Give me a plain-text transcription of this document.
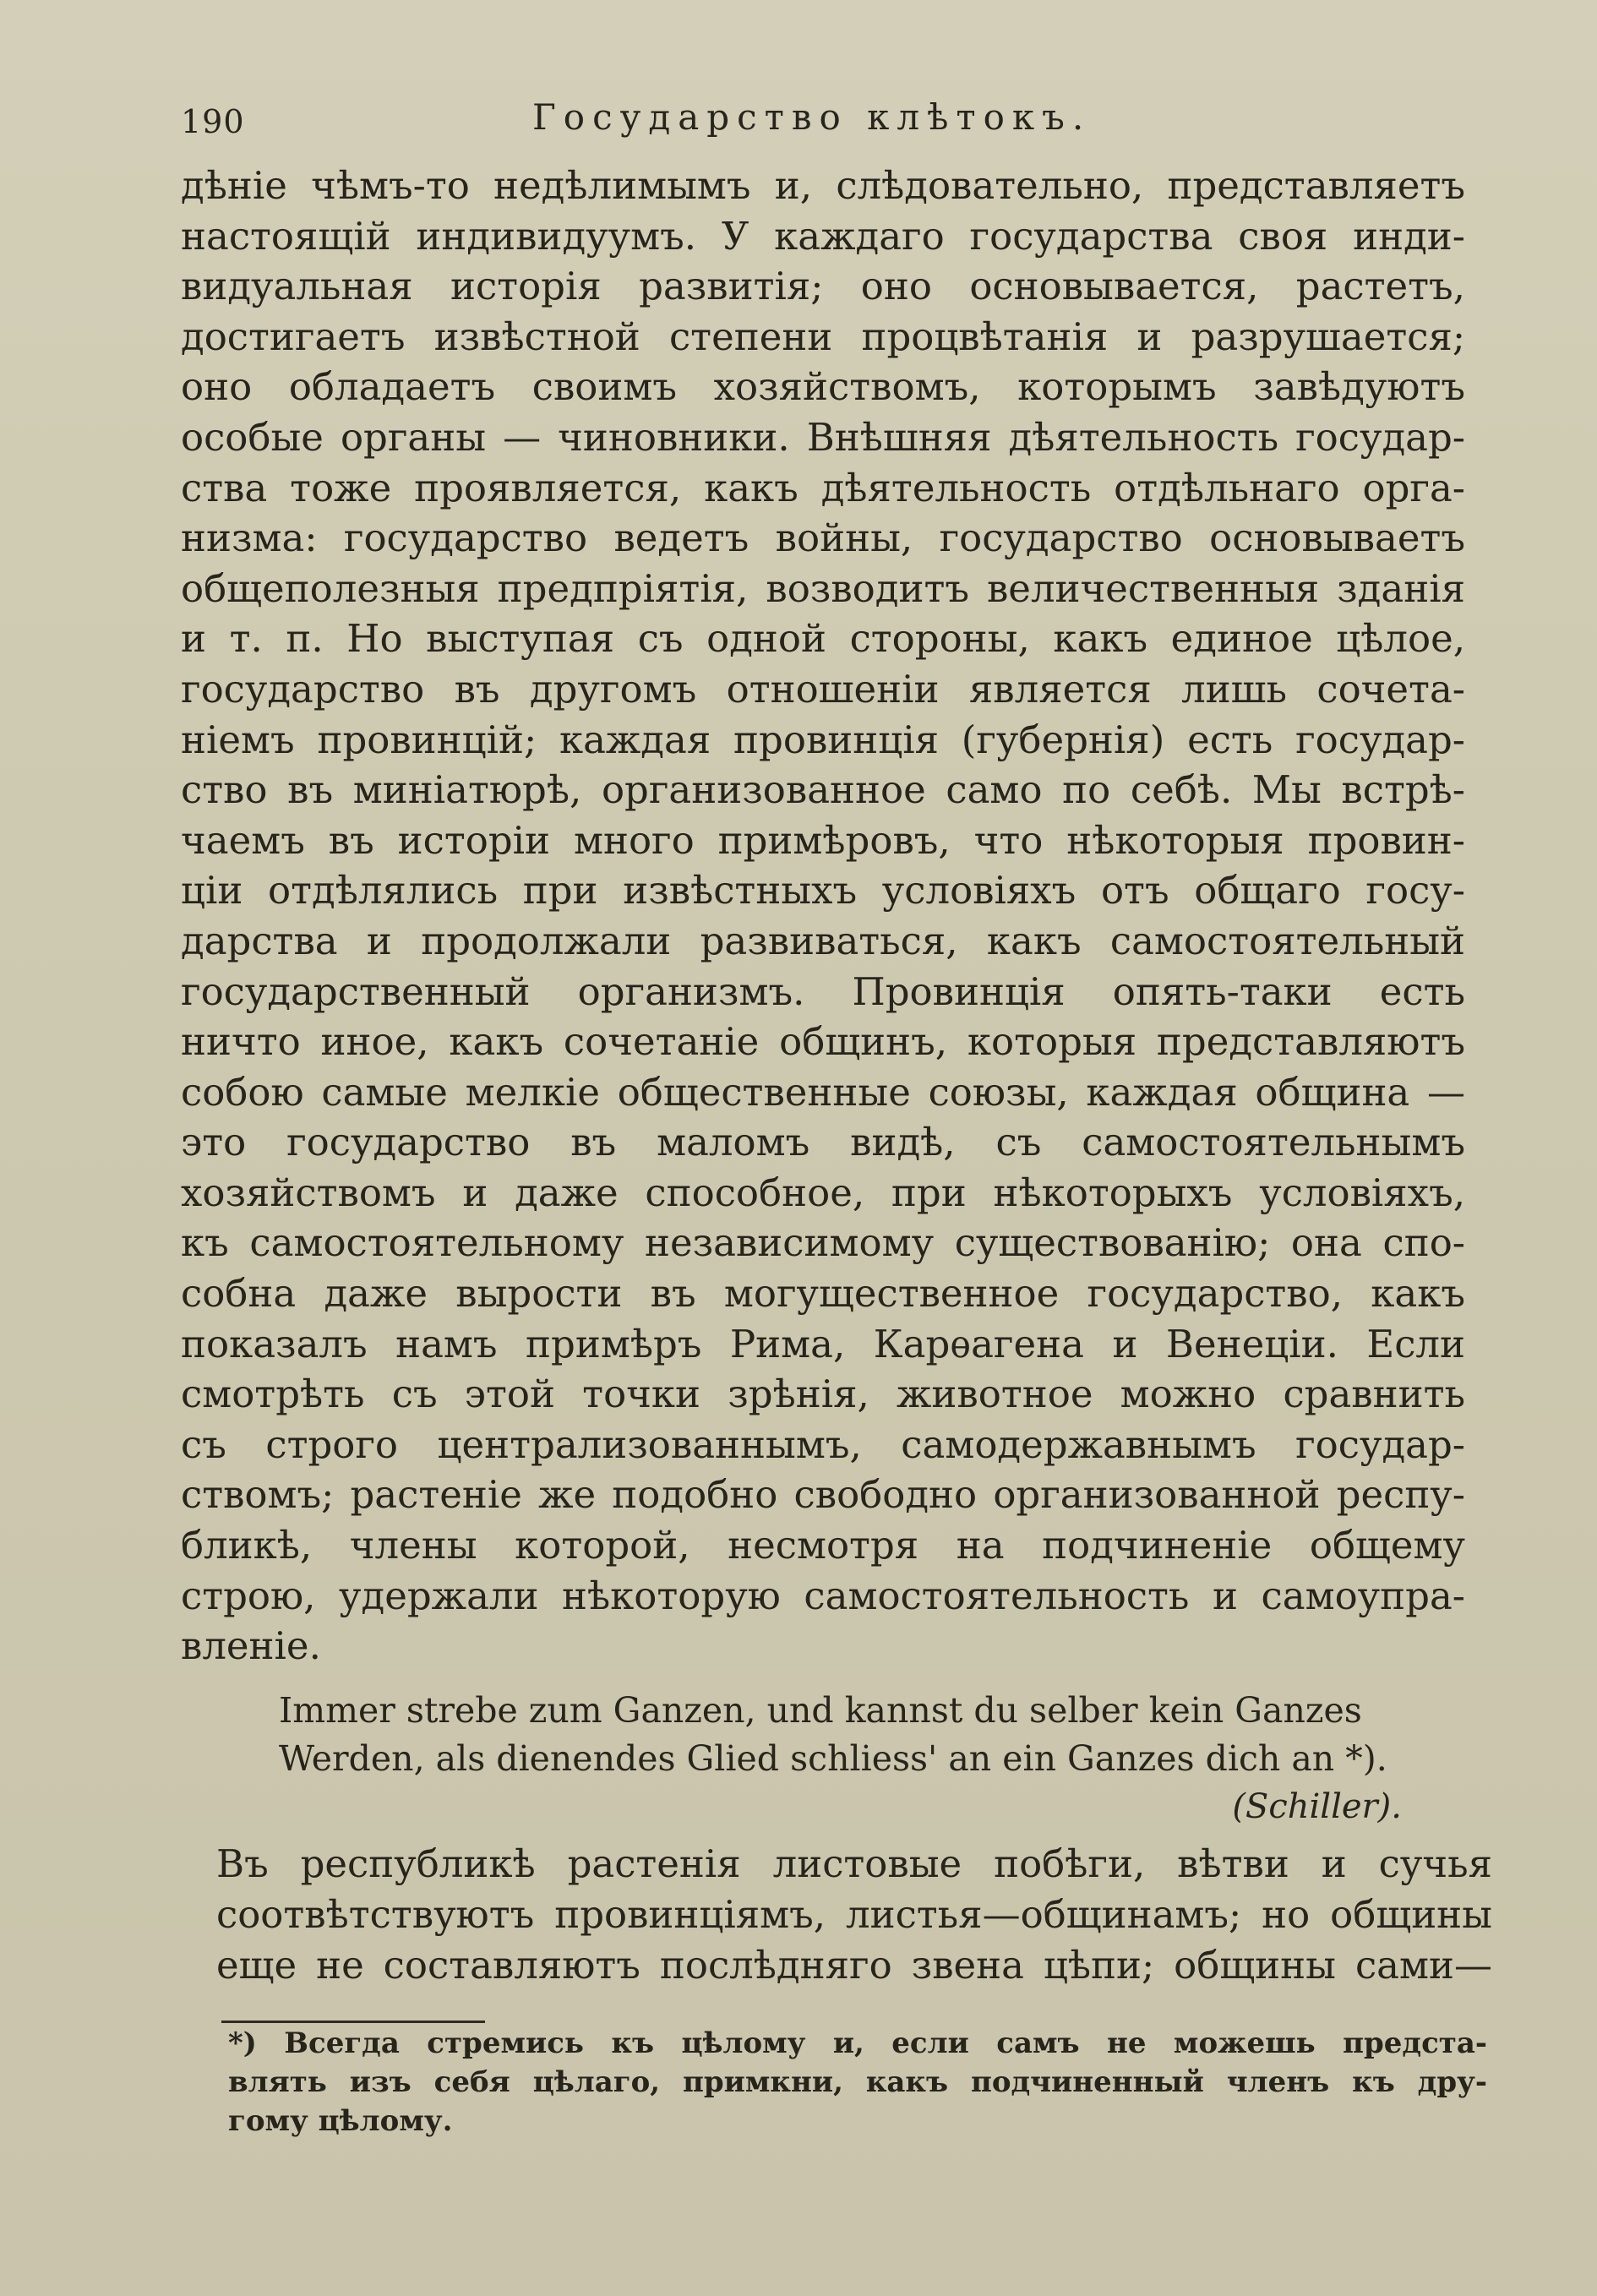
190	Государство клѣтокъ.
дѣніе чѣмъ-то недѣлимымъ и, слѣдовательно, представляетъ
настоящій индивидуумъ. У каждаго государства своя инди-
видуальная исторія развитія; оно основывается, растетъ,
достигаетъ извѣстной степени процвѣтанія и разрушается;
оно обладаетъ своимъ хозяйствомъ, которымъ завѣдуютъ
особые органы — чиновники. Внѣшняя дѣятельность государ-
ства тоже проявляется, какъ дѣятельность отдѣльнаго орга-
низма: государство ведетъ войны, государство основываетъ
общеполезныя предпріятія, возводитъ величественныя зданія
и т. п. Но выступая съ одной стороны, какъ единое цѣлое,
государство въ другомъ отношеніи является лишь сочета-
ніемъ провинцій; каждая провинція (губернія) есть государ-
ство въ миніатюрѣ, организованное само по себѣ. Мы встрѣ-
чаемъ въ исторіи много примѣровъ, что нѣкоторыя провин-
ціи отдѣлялись при извѣстныхъ условіяхъ отъ общаго госу-
дарства и продолжали развиваться, какъ самостоятельный
государственный организмъ. Провинція опять-таки есть
ничто иное, какъ сочетаніе общинъ, которыя представляютъ
собою самые мелкіе общественные союзы, каждая община —
это государство въ маломъ видѣ, съ самостоятельнымъ
хозяйствомъ и даже способное, при нѣкоторыхъ условіяхъ,
къ самостоятельному независимому существованію; она спо-
собна даже вырости въ могущественное государство, какъ
показалъ намъ примѣръ Рима, Карѳагена и Венеціи. Если
смотрѣть съ этой точки зрѣнія, животное можно сравнить
съ строго централизованнымъ, самодержавнымъ государ-
ствомъ; растеніе же подобно свободно организованной респу-
бликѣ, члены которой, несмотря на подчиненіе общему
строю, удержали нѣкоторую самостоятельность и самоупра-
вленіе.
Immer strebe zum Ganzen, und kannst du selber kein Ganzes
Werden, als dienendes Glied schliess' an ein Ganzes dich an *).
(Schiller).
Въ республикѣ растенія листовые побѣги, вѣтви и сучья
соотвѣтствуютъ провинціямъ, листья—общинамъ; но общины
еще не составляютъ послѣдняго звена цѣпи; общины сами—
*) Всегда стремись къ цѣлому и, если самъ не можешь предста-
влять изъ себя цѣлаго, примкни, какъ подчиненный членъ къ дру-
гому цѣлому.
